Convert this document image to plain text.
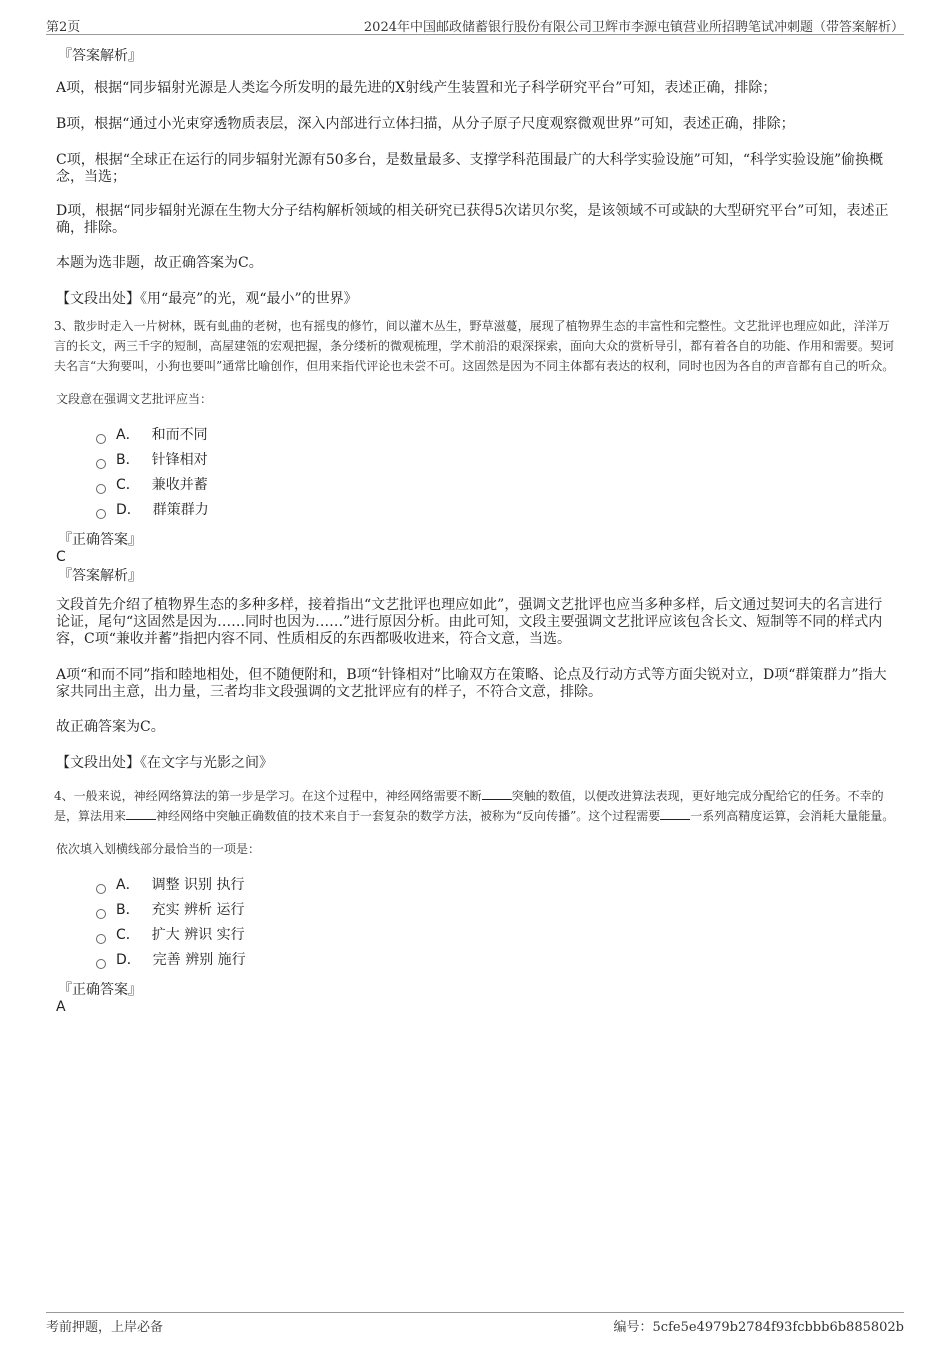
第2页	2024年中国邮政储蓄银行股份有限公司卫辉市李源屯镇营业所招聘笔试冲刺题（带答案解析）
『答案解析』

A项，根据“同步辐射光源是人类迄今所发明的最先进的X射线产生装置和光子科学研究平台”可知，表述正确，排除；

B项，根据“通过小光束穿透物质表层，深入内部进行立体扫描，从分子原子尺度观察微观世界”可知，表述正确，排除；

C项，根据“全球正在运行的同步辐射光源有50多台，是数量最多、支撑学科范围最广的大科学实验设施”可知，“科学实验设施”偷换概念，当选；

D项，根据“同步辐射光源在生物大分子结构解析领域的相关研究已获得5次诺贝尔奖，是该领域不可或缺的大型研究平台”可知，表述正确，排除。

本题为选非题，故正确答案为C。

【文段出处】《用“最亮”的光，观“最小”的世界》

3、散步时走入一片树林，既有虬曲的老树，也有摇曳的修竹，间以灌木丛生，野草滋蔓，展现了植物界生态的丰富性和完整性。文艺批评也理应如此，洋洋万言的长文，两三千字的短制，高屋建瓴的宏观把握，条分缕析的微观梳理，学术前沿的艰深探索，面向大众的赏析导引，都有着各自的功能、作用和需要。契诃夫名言“大狗要叫，小狗也要叫”通常比喻创作，但用来指代评论也未尝不可。这固然是因为不同主体都有表达的权利，同时也因为各自的声音都有自己的听众。

文段意在强调文艺批评应当：

A． 和而不同
B． 针锋相对
C． 兼收并蓄
D． 群策群力
『正确答案』
C
『答案解析』

文段首先介绍了植物界生态的多种多样，接着指出“文艺批评也理应如此”，强调文艺批评也应当多种多样，后文通过契诃夫的名言进行论证，尾句“这固然是因为……同时也因为……”进行原因分析。由此可知，文段主要强调文艺批评应该包含长文、短制等不同的样式内容，C项“兼收并蓄”指把内容不同、性质相反的东西都吸收进来，符合文意，当选。

A项“和而不同”指和睦地相处，但不随便附和，B项“针锋相对”比喻双方在策略、论点及行动方式等方面尖锐对立，D项“群策群力”指大家共同出主意，出力量，三者均非文段强调的文艺批评应有的样子，不符合文意，排除。

故正确答案为C。

【文段出处】《在文字与光影之间》

4、一般来说，神经网络算法的第一步是学习。在这个过程中，神经网络需要不断	突触的数值，以便改进算法表现，更好地完成分配给它的任务。不幸的是，算法用来	神经网络中突触正确数值的技术来自于一套复杂的数学方法，被称为“反向传播”。这个过程需要	一系列高精度运算，会消耗大量能量。

依次填入划横线部分最恰当的一项是：

A． 调整 识别 执行
B． 充实 辨析 运行
C． 扩大 辨识 实行
D． 完善 辨别 施行
『正确答案』
A
考前押题，上岸必备	编号：5cfe5e4979b2784f93fcbbb6b885802b
